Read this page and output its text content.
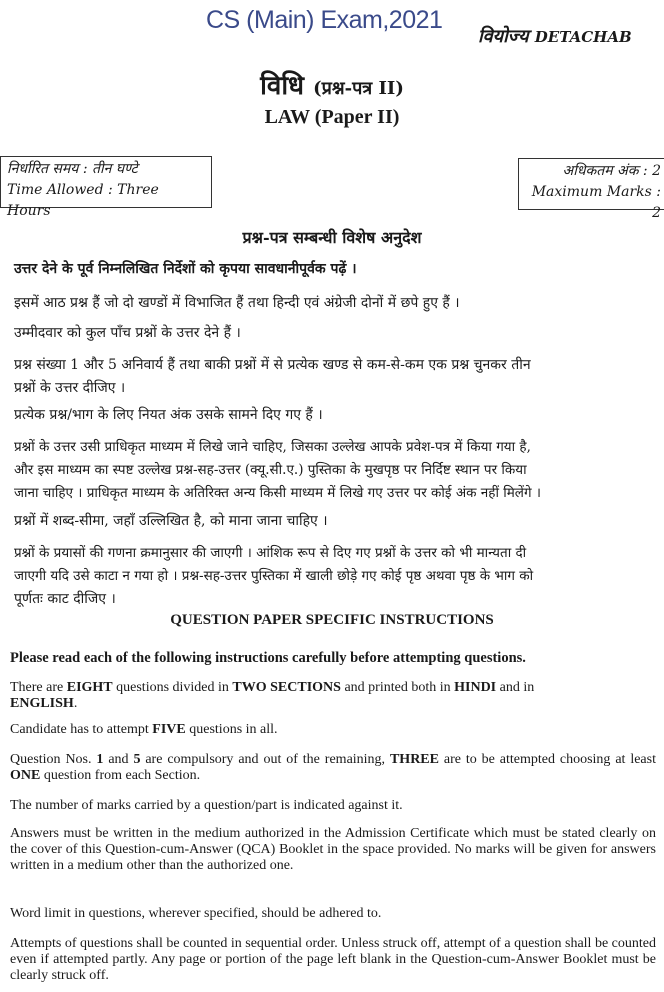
CS (Main) Exam,2021
वियोज्य DETACHAB
विधि (प्रश्न-पत्र II)
LAW (Paper II)
निर्धारित समय : तीन घण्टे
Time Allowed : Three Hours
अधिकतम अंक : 2
Maximum Marks : 2
प्रश्न-पत्र सम्बन्धी विशेष अनुदेश
उत्तर देने के पूर्व निम्नलिखित निर्देशों को कृपया सावधानीपूर्वक पढ़ें ।
इसमें आठ प्रश्न हैं जो दो खण्डों में विभाजित हैं तथा हिन्दी एवं अंग्रेजी दोनों में छपे हुए हैं ।
उम्मीदवार को कुल पाँच प्रश्नों के उत्तर देने हैं ।
प्रश्न संख्या 1 और 5 अनिवार्य हैं तथा बाकी प्रश्नों में से प्रत्येक खण्ड से कम-से-कम एक प्रश्न चुनकर तीन
प्रश्नों के उत्तर दीजिए ।
प्रत्येक प्रश्न/भाग के लिए नियत अंक उसके सामने दिए गए हैं ।
प्रश्नों के उत्तर उसी प्राधिकृत माध्यम में लिखे जाने चाहिए, जिसका उल्लेख आपके प्रवेश-पत्र में किया गया है,
और इस माध्यम का स्पष्ट उल्लेख प्रश्न-सह-उत्तर (क्यू.सी.ए.) पुस्तिका के मुखपृष्ठ पर निर्दिष्ट स्थान पर किया
जाना चाहिए । प्राधिकृत माध्यम के अतिरिक्त अन्य किसी माध्यम में लिखे गए उत्तर पर कोई अंक नहीं मिलेंगे ।
प्रश्नों में शब्द-सीमा, जहाँ उल्लिखित है, को माना जाना चाहिए ।
प्रश्नों के प्रयासों की गणना क्रमानुसार की जाएगी । आंशिक रूप से दिए गए प्रश्नों के उत्तर को भी मान्यता दी
जाएगी यदि उसे काटा न गया हो । प्रश्न-सह-उत्तर पुस्तिका में खाली छोड़े गए कोई पृष्ठ अथवा पृष्ठ के भाग को
पूर्णतः काट दीजिए ।
QUESTION PAPER SPECIFIC INSTRUCTIONS
Please read each of the following instructions carefully before attempting questions.
There are EIGHT questions divided in TWO SECTIONS and printed both in HINDI and in
ENGLISH.
Candidate has to attempt FIVE questions in all.
Question Nos. 1 and 5 are compulsory and out of the remaining, THREE are to be attempted choosing at least ONE question from each Section.
The number of marks carried by a question/part is indicated against it.
Answers must be written in the medium authorized in the Admission Certificate which must be stated clearly on the cover of this Question-cum-Answer (QCA) Booklet in the space provided. No marks will be given for answers written in a medium other than the authorized one.
Word limit in questions, wherever specified, should be adhered to.
Attempts of questions shall be counted in sequential order. Unless struck off, attempt of a question shall be counted even if attempted partly. Any page or portion of the page left blank in the Question-cum-Answer Booklet must be clearly struck off.
